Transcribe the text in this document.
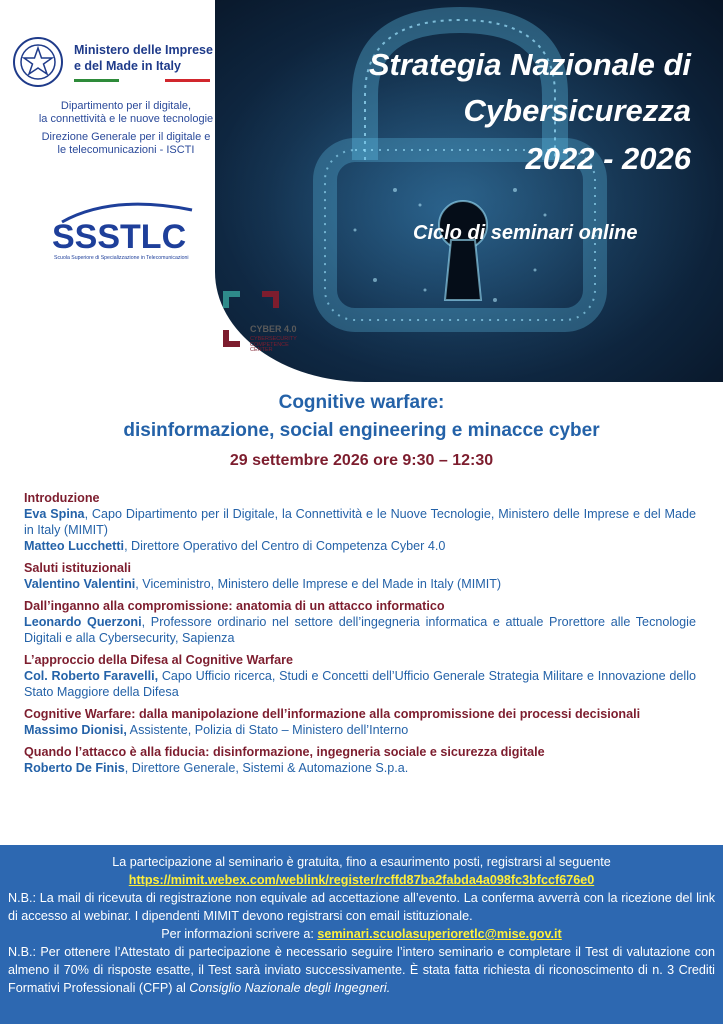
Strategia Nazionale di
Cybersicurezza
2022 - 2026
Ciclo di seminari online
Ministero delle Imprese
e del Made in Italy
Dipartimento per il digitale,
la connettività e le nuove tecnologie
Direzione Generale per il digitale e
le telecomunicazioni - ISCTI
SSSTLC
Scuola Superiore di Specializzazione in Telecomunicazioni
CYBER 4.0
CYBERSECURITY
COMPETENCE
CENTER
Cognitive warfare:
disinformazione, social engineering e minacce cyber
29 settembre 2026 ore 9:30 – 12:30
Introduzione
Eva Spina, Capo Dipartimento per il Digitale, la Connettività e le Nuove Tecnologie, Ministero delle Imprese e del Made in Italy (MIMIT)
Matteo Lucchetti, Direttore Operativo del Centro di Competenza Cyber 4.0
Saluti istituzionali
Valentino Valentini, Viceministro, Ministero delle Imprese e del Made in Italy (MIMIT)
Dall’inganno alla compromissione: anatomia di un attacco informatico
Leonardo Querzoni, Professore ordinario nel settore dell’ingegneria informatica e attuale Prorettore alle Tecnologie Digitali e alla Cybersecurity, Sapienza
L’approccio della Difesa al Cognitive Warfare
Col. Roberto Faravelli, Capo Ufficio ricerca, Studi e Concetti dell’Ufficio Generale Strategia Militare e Innovazione dello Stato Maggiore della Difesa
Cognitive Warfare: dalla manipolazione dell’informazione alla compromissione dei processi decisionali
Massimo Dionisi, Assistente, Polizia di Stato – Ministero dell’Interno
Quando l’attacco è alla fiducia: disinformazione, ingegneria sociale e sicurezza digitale
Roberto De Finis, Direttore Generale, Sistemi & Automazione S.p.a.

La partecipazione al seminario è gratuita, fino a esaurimento posti, registrarsi al seguente

https://mimit.webex.com/weblink/register/rcffd87ba2fabda4a098fc3bfccf676e0

N.B.: La mail di ricevuta di registrazione non equivale ad accettazione all’evento. La conferma avverrà con la ricezione del link di accesso al webinar. I dipendenti MIMIT devono registrarsi con email istituzionale.

Per informazioni scrivere a: seminari.scuolasuperioretlc@mise.gov.it

N.B.: Per ottenere l’Attestato di partecipazione è necessario seguire l’intero seminario e completare il Test di valutazione con almeno il 70% di risposte esatte, il Test sarà inviato successivamente. È stata fatta richiesta di riconoscimento di n. 3 Crediti Formativi Professionali (CFP) al Consiglio Nazionale degli Ingegneri.
